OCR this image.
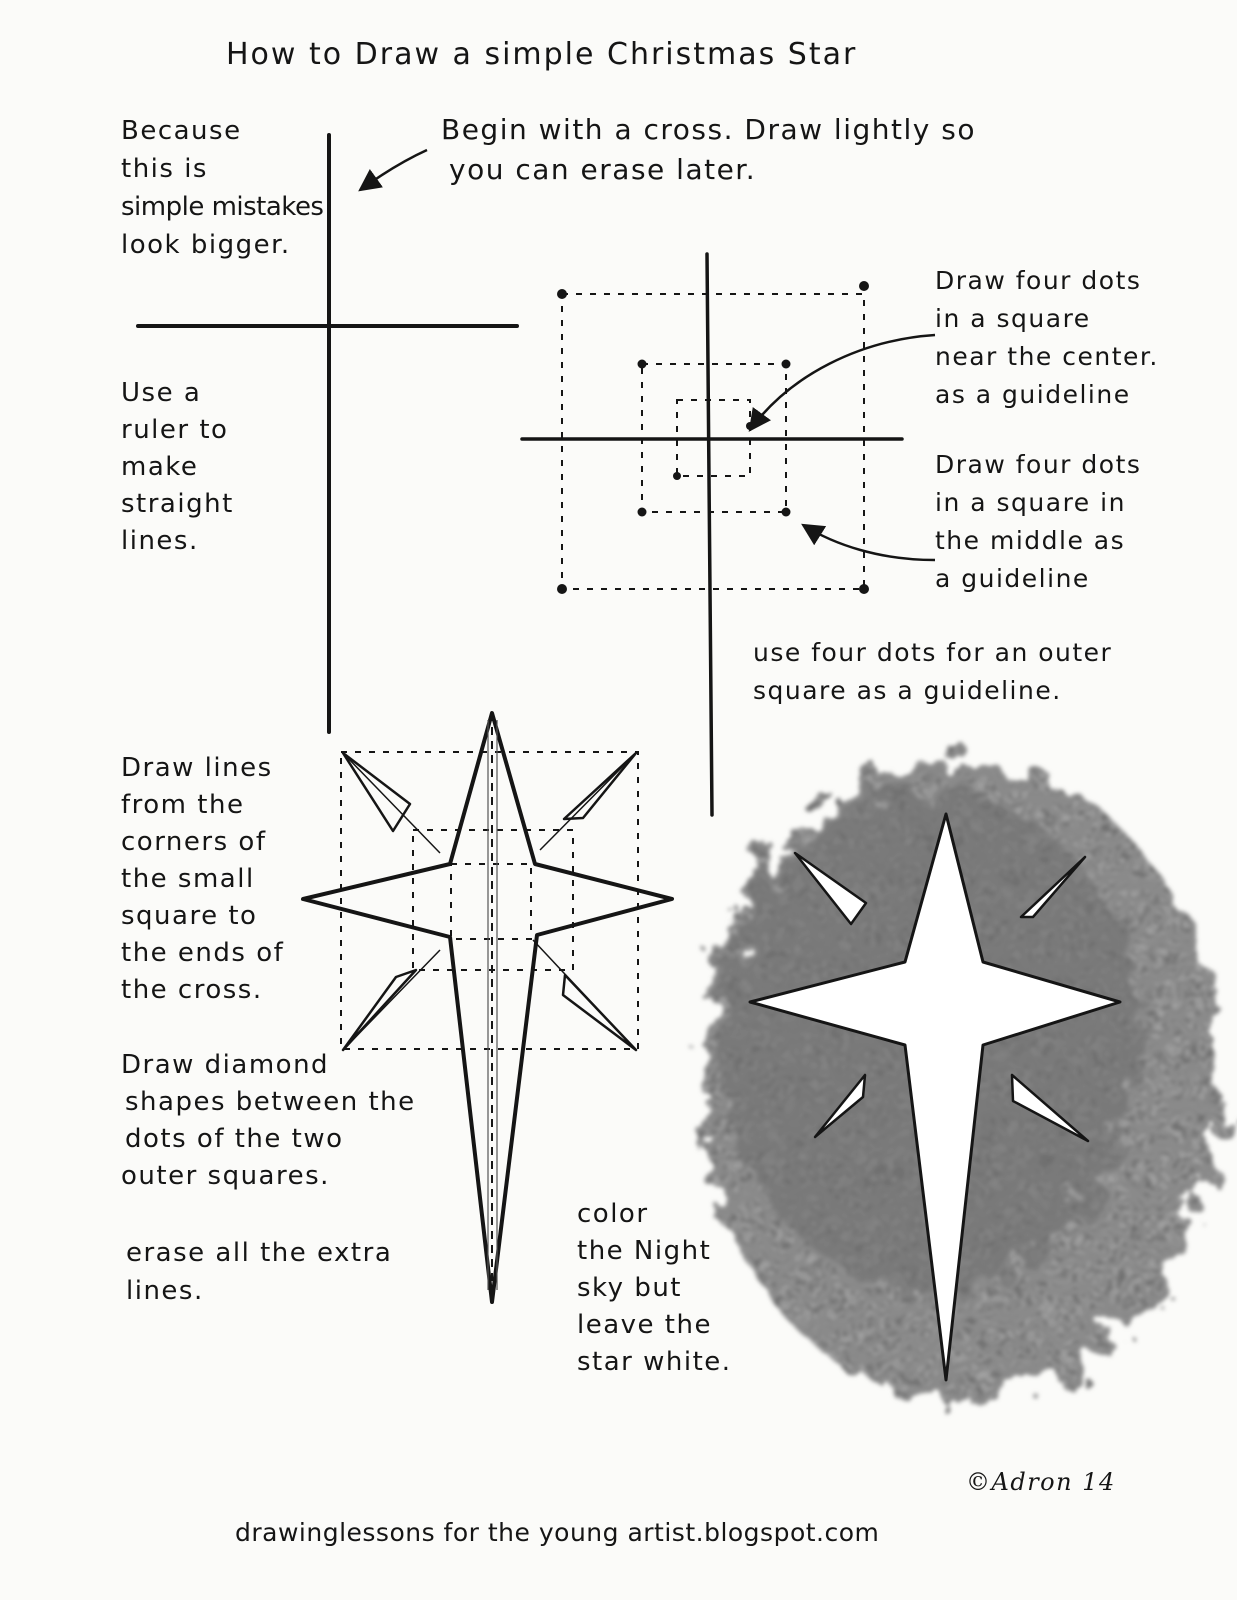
How to Draw a simple Christmas Star
Because
this is
simple mistakes
look bigger.
Begin with a cross. Draw lightly so
you can erase later.
Use a
ruler to
make
straight
lines.
Draw four dots
in a square
near the center.
as a guideline
Draw four dots
in a square in
the middle as
a guideline
use four dots for an outer
square as a guideline.
Draw lines
from the
corners of
the small
square to
the ends of
the cross.
Draw diamond
shapes between the
dots of the two
outer squares.
erase all the extra
lines.
color
the Night
sky but
leave the
star white.
©Adron 14
drawinglessons for the young artist.blogspot.com
